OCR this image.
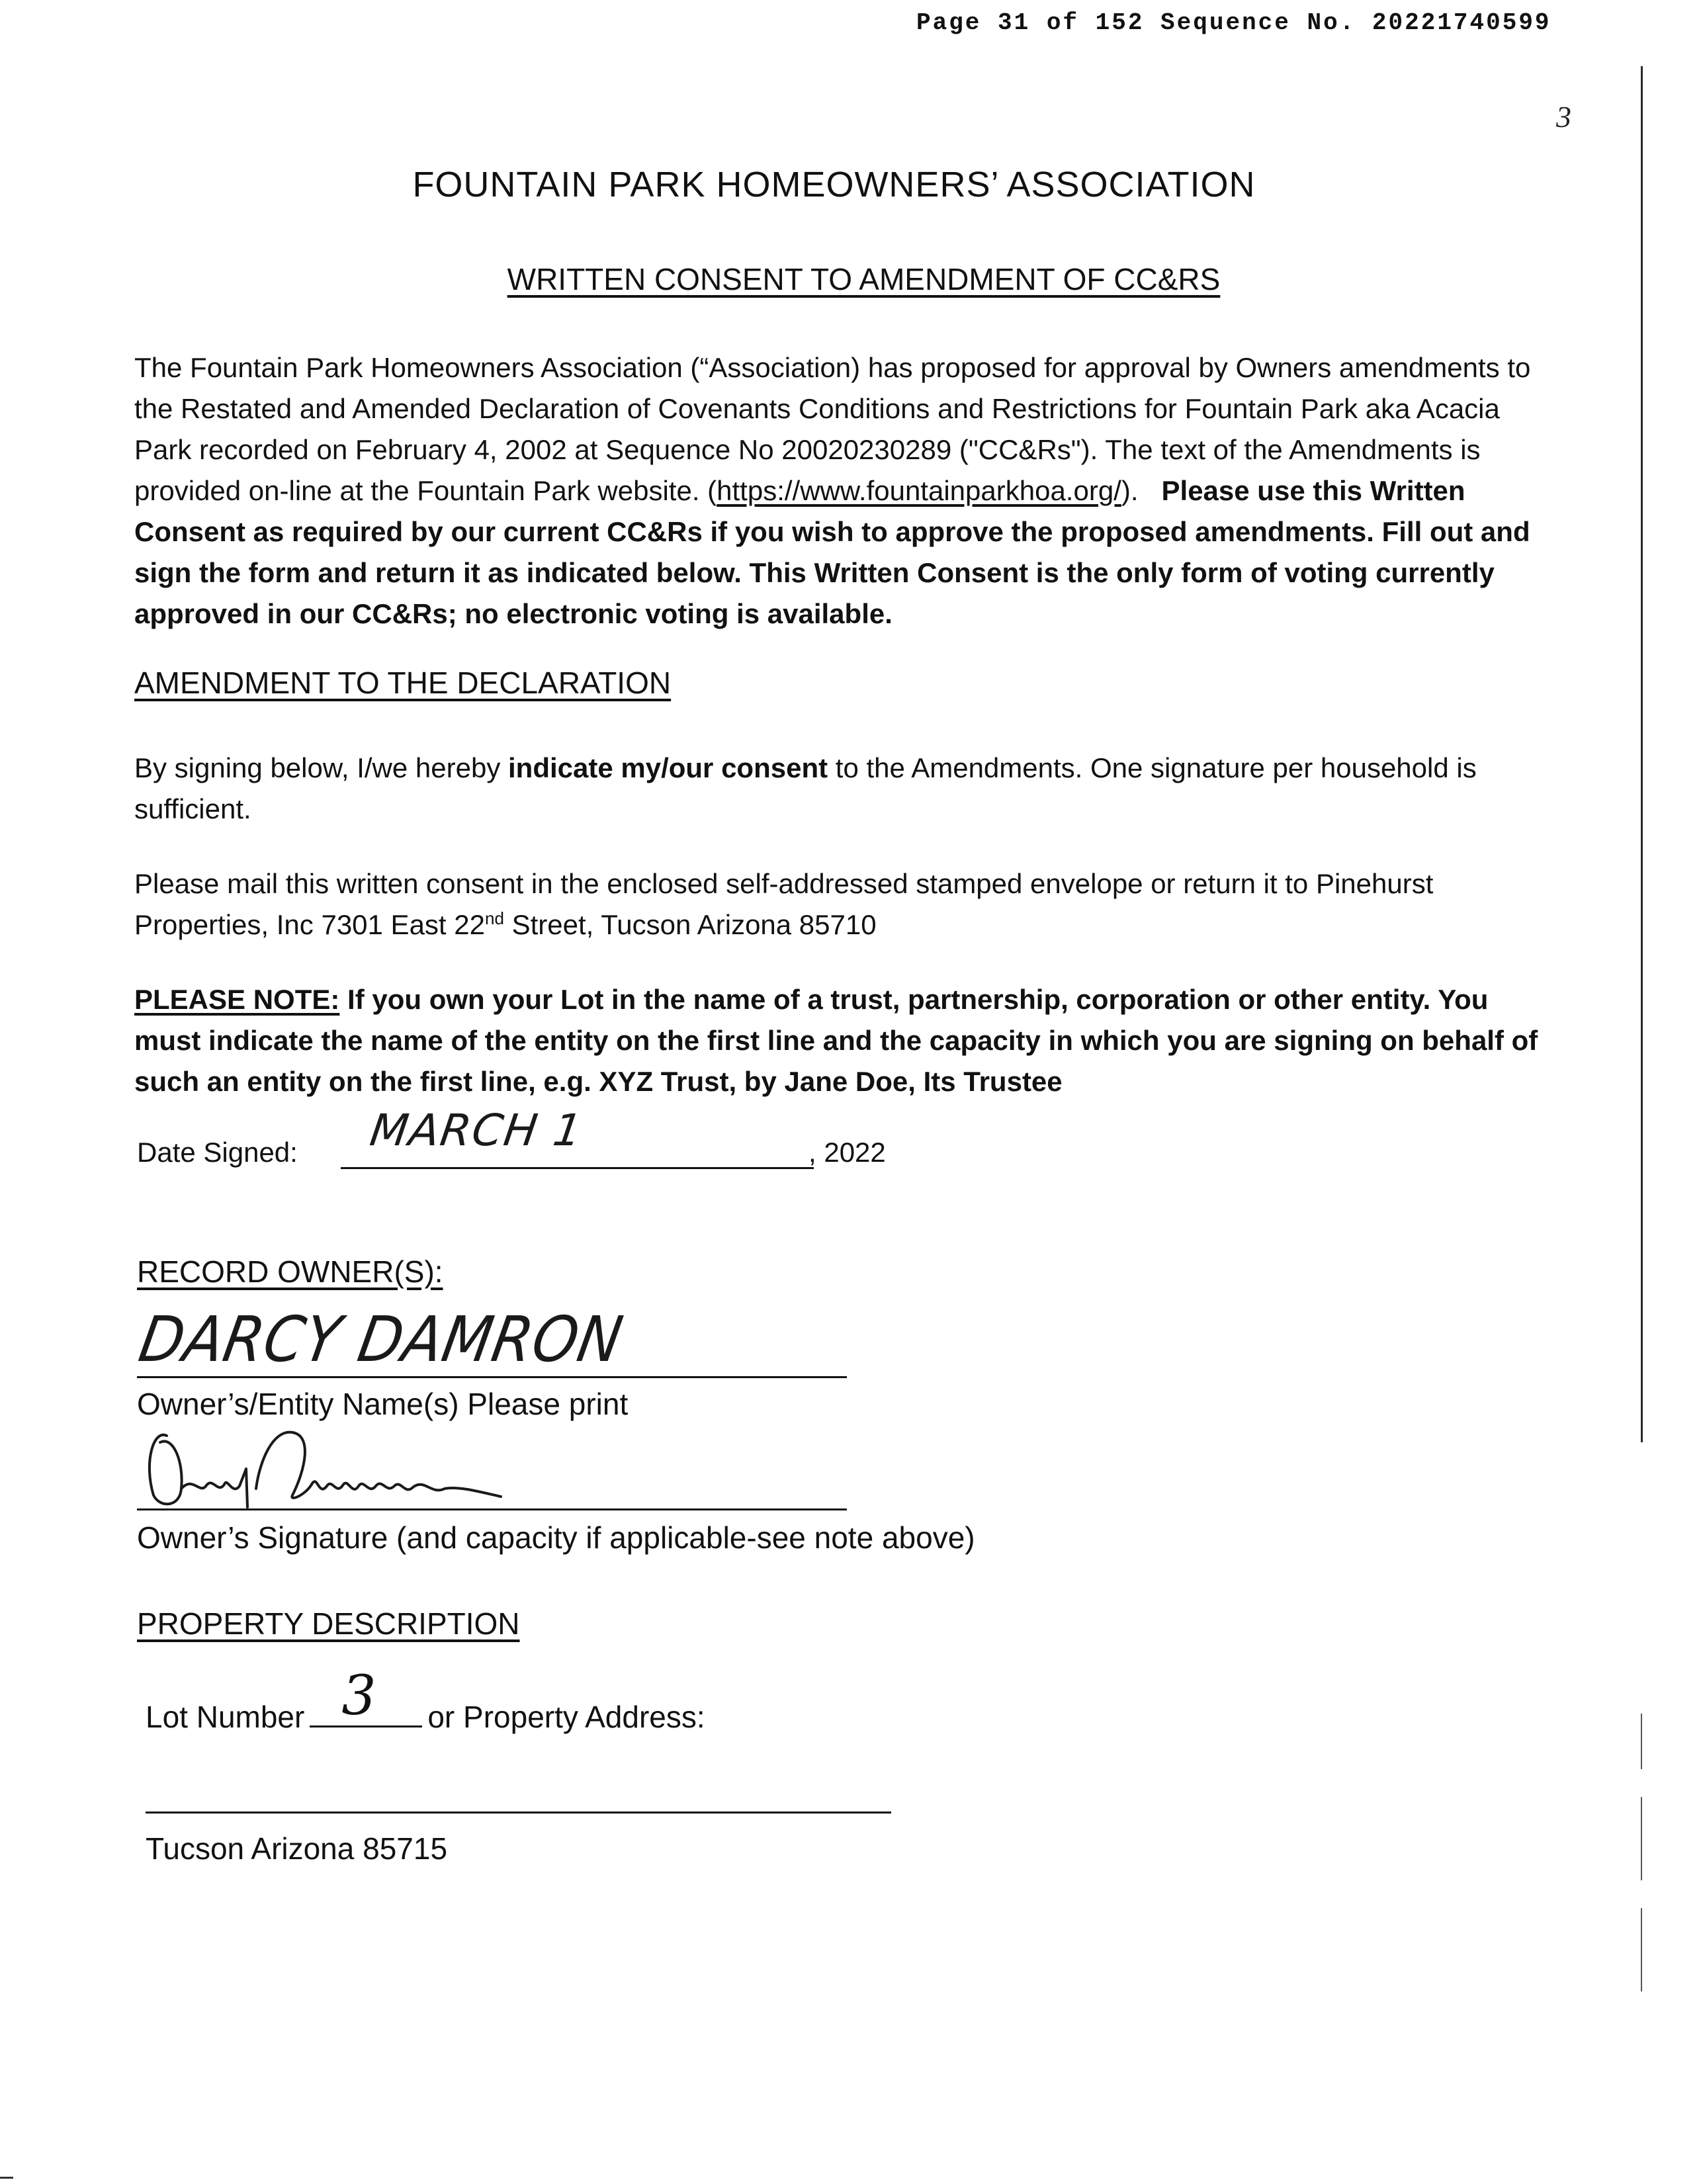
Page 31 of 152 Sequence No. 20221740599
3
FOUNTAIN PARK HOMEOWNERS’ ASSOCIATION
WRITTEN CONSENT TO AMENDMENT OF CC&RS
The Fountain Park Homeowners Association (“Association) has proposed for approval by Owners amendments to the Restated and Amended Declaration of Covenants Conditions and Restrictions for Fountain Park aka Acacia Park recorded on February 4, 2002 at Sequence No 20020230289 ("CC&Rs"). The text of the Amendments is provided on-line at the Fountain Park website. (https://www.fountainparkhoa.org/). Please use this Written Consent as required by our current CC&Rs if you wish to approve the proposed amendments. Fill out and sign the form and return it as indicated below. This Written Consent is the only form of voting currently approved in our CC&Rs; no electronic voting is available.
AMENDMENT TO THE DECLARATION
By signing below, I/we hereby indicate my/our consent to the Amendments. One signature per household is sufficient.
Please mail this written consent in the enclosed self-addressed stamped envelope or return it to Pinehurst Properties, Inc 7301 East 22nd Street, Tucson Arizona 85710
PLEASE NOTE: If you own your Lot in the name of a trust, partnership, corporation or other entity. You must indicate the name of the entity on the first line and the capacity in which you are signing on behalf of such an entity on the first line, e.g. XYZ Trust, by Jane Doe, Its Trustee
Date Signed: MARCH 1	, 2022
RECORD OWNER(S):
DARCY DAMRON
Owner’s/Entity Name(s) Please print
Owner’s Signature (and capacity if applicable-see note above)
PROPERTY DESCRIPTION
Lot Number 3 or Property Address:
Tucson Arizona 85715
